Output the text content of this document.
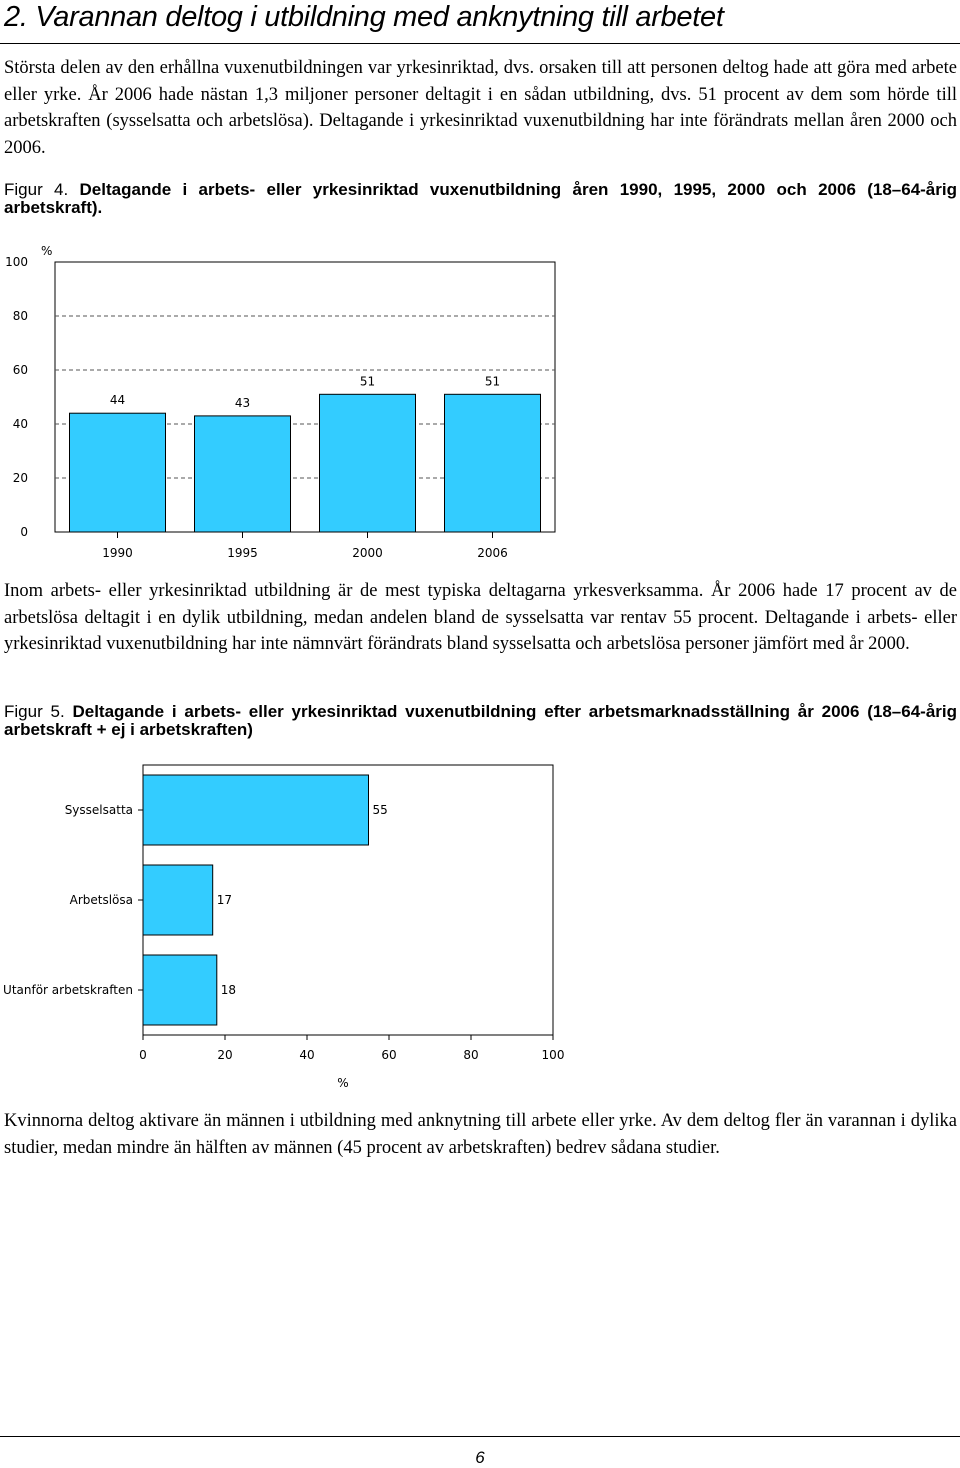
2. Varannan deltog i utbildning med anknytning till arbetet
Största delen av den erhållna vuxenutbildningen var yrkesinriktad, dvs. orsaken till att personen deltog hade att göra med arbete eller yrke. År 2006 hade nästan 1,3 miljoner personer deltagit i en sådan utbildning, dvs. 51 procent av dem som hörde till arbetskraften (sysselsatta och arbetslösa). Deltagande i yrkesinriktad vuxenutbildning har inte förändrats mellan åren 2000 och 2006.
Figur 4. Deltagande i arbets- eller yrkesinriktad vuxenutbildning åren 1990, 1995, 2000 och 2006 (18–64-årig arbetskraft).
%
0
20
40
60
80
100
44
1990
43
1995
51
2000
51
2006
Inom arbets- eller yrkesinriktad utbildning är de mest typiska deltagarna yrkesverksamma. År 2006 hade 17 procent av de arbetslösa deltagit i en dylik utbildning, medan andelen bland de sysselsatta var rentav 55 procent. Deltagande i arbets- eller yrkesinriktad vuxenutbildning har inte nämnvärt förändrats bland sysselsatta och arbetslösa personer jämfört med år 2000.
Figur 5. Deltagande i arbets- eller yrkesinriktad vuxenutbildning efter arbetsmarknadsställning år 2006 (18–64-årig arbetskraft + ej i arbetskraften)
55
Sysselsatta
17
Arbetslösa
18
Utanför arbetskraften
0	20	40	60	80	100
%
Kvinnorna deltog aktivare än männen i utbildning med anknytning till arbete eller yrke. Av dem deltog fler än varannan i dylika studier, medan mindre än hälften av männen (45 procent av arbetskraften) bedrev sådana studier.
6
